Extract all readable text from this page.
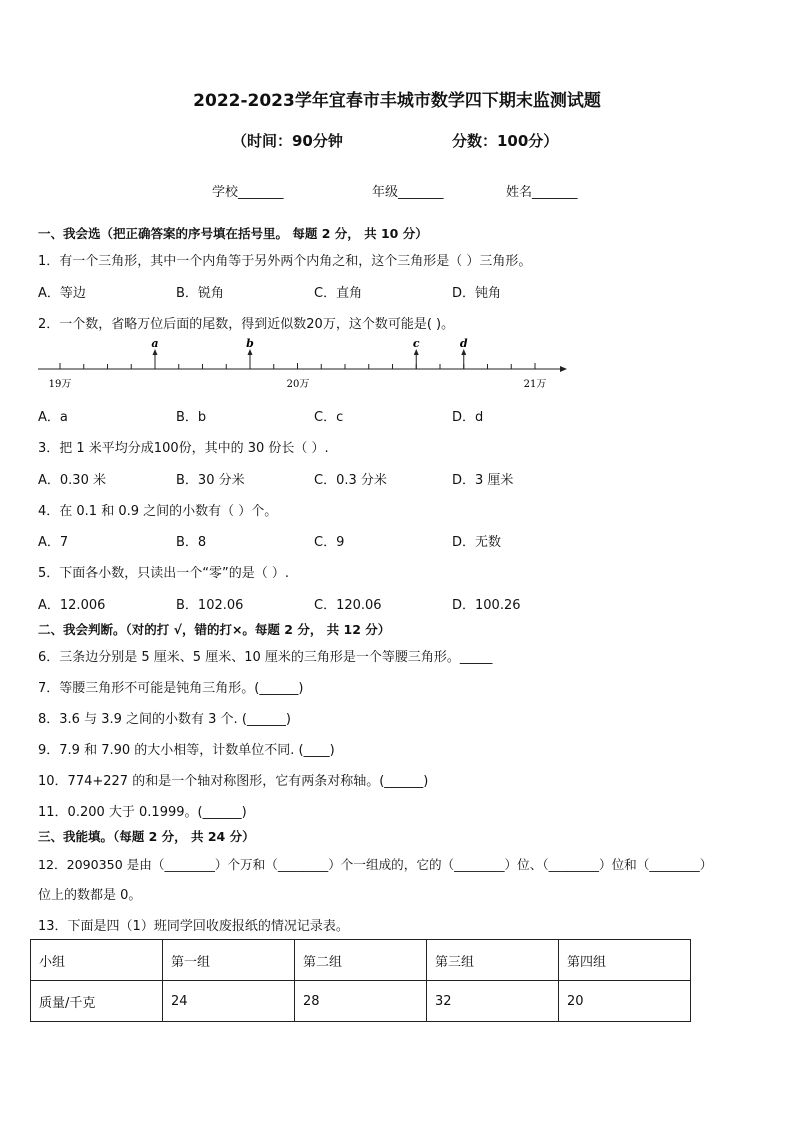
2022-2023学年宜春市丰城市数学四下期末监测试题
（时间：90分钟	分数：100分）
学校_______	年级_______	姓名_______
一、我会选（把正确答案的序号填在括号里。 每题 2 分， 共 10 分）
1．有一个三角形，其中一个内角等于另外两个内角之和，这个三角形是（ ）三角形。
A．等边	B．锐角	C．直角	D．钝角
2．一个数，省略万位后面的尾数，得到近似数20万，这个数可能是( )。
a	b	c	d
19万	20万	21万
A．a	B．b	C．c	D．d
3．把 1 米平均分成100份，其中的 30 份长（ ）.
A．0.30 米	B．30 分米	C．0.3 分米	D．3 厘米
4．在 0.1 和 0.9 之间的小数有（ ）个。
A．7	B．8	C．9	D．无数
5．下面各小数，只读出一个“零”的是（ ）.
A．12.006	B．102.06	C．120.06	D．100.26
二、我会判断。（对的打 √，错的打×。每题 2 分， 共 12 分）
6．三条边分别是 5 厘米、5 厘米、10 厘米的三角形是一个等腰三角形。_____
7．等腰三角形不可能是钝角三角形。(______)
8．3.6 与 3.9 之间的小数有 3 个. (______)
9．7.9 和 7.90 的大小相等，计数单位不同. (____)
10．774+227 的和是一个轴对称图形，它有两条对称轴。(______)
11．0.200 大于 0.1999。(______)
三、我能填。（每题 2 分， 共 24 分）
12．2090350 是由（________）个万和（________）个一组成的，它的（________）位、（________）位和（________）
位上的数都是 0。
13．下面是四（1）班同学回收废报纸的情况记录表。
小组	第一组	第二组	第三组	第四组
质量/千克	24	28	32	20
